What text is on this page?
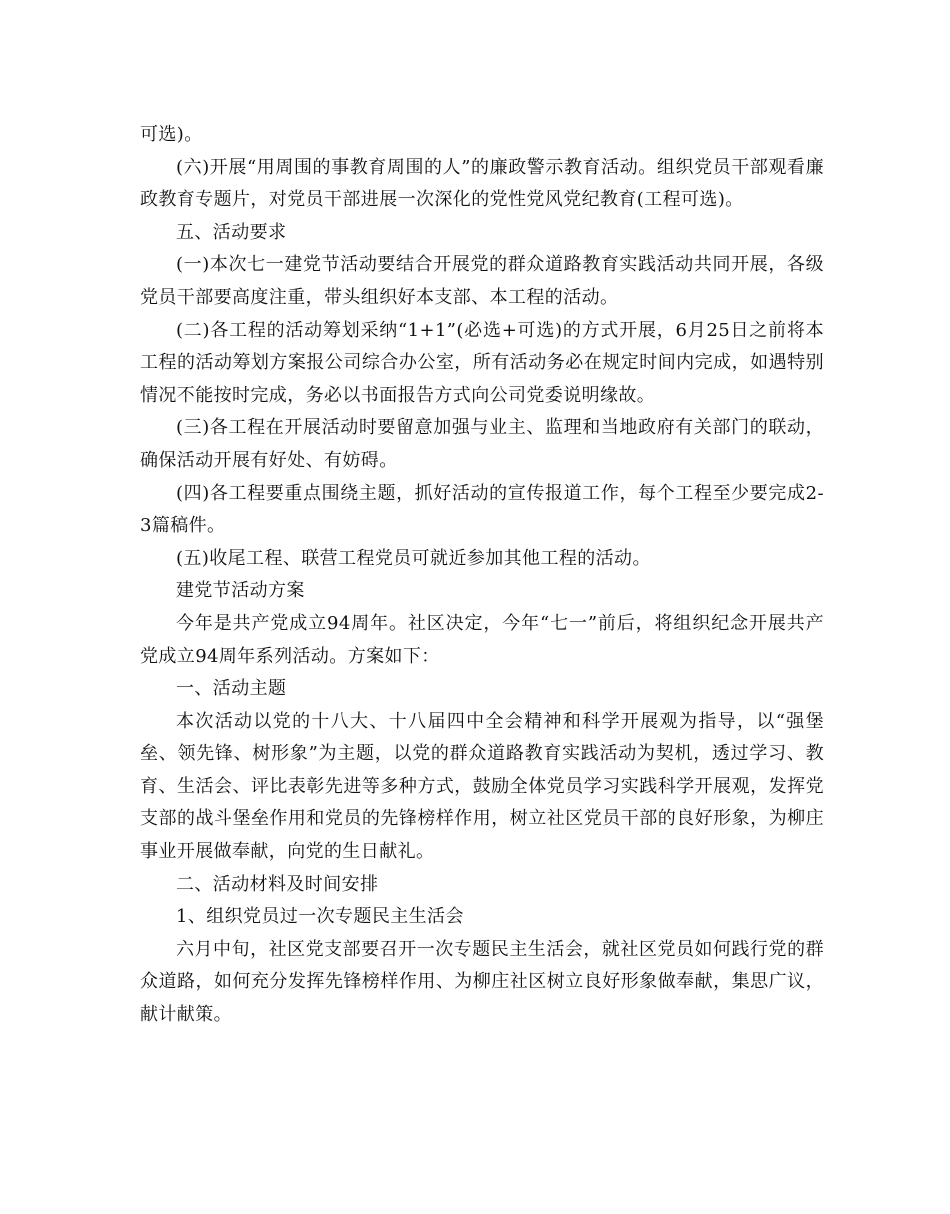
可选)。

(六)开展“用周围的事教育周围的人”的廉政警示教育活动。组织党员干部观看廉政教育专题片，对党员干部进展一次深化的党性党风党纪教育(工程可选)。

五、活动要求

(一)本次七一建党节活动要结合开展党的群众道路教育实践活动共同开展，各级党员干部要高度注重，带头组织好本支部、本工程的活动。

(二)各工程的活动筹划采纳“1+1”(必选+可选)的方式开展，6月25日之前将本工程的活动筹划方案报公司综合办公室，所有活动务必在规定时间内完成，如遇特别情况不能按时完成，务必以书面报告方式向公司党委说明缘故。

(三)各工程在开展活动时要留意加强与业主、监理和当地政府有关部门的联动，确保活动开展有好处、有妨碍。

(四)各工程要重点围绕主题，抓好活动的宣传报道工作，每个工程至少要完成2-3篇稿件。

(五)收尾工程、联营工程党员可就近参加其他工程的活动。

建党节活动方案

今年是共产党成立94周年。社区决定，今年“七一”前后，将组织纪念开展共产党成立94周年系列活动。方案如下：

一、活动主题

本次活动以党的十八大、十八届四中全会精神和科学开展观为指导，以“强堡垒、领先锋、树形象”为主题，以党的群众道路教育实践活动为契机，透过学习、教育、生活会、评比表彰先进等多种方式，鼓励全体党员学习实践科学开展观，发挥党支部的战斗堡垒作用和党员的先锋榜样作用，树立社区党员干部的良好形象，为柳庄事业开展做奉献，向党的生日献礼。

二、活动材料及时间安排

1、组织党员过一次专题民主生活会

六月中旬，社区党支部要召开一次专题民主生活会，就社区党员如何践行党的群众道路，如何充分发挥先锋榜样作用、为柳庄社区树立良好形象做奉献，集思广议，献计献策。
